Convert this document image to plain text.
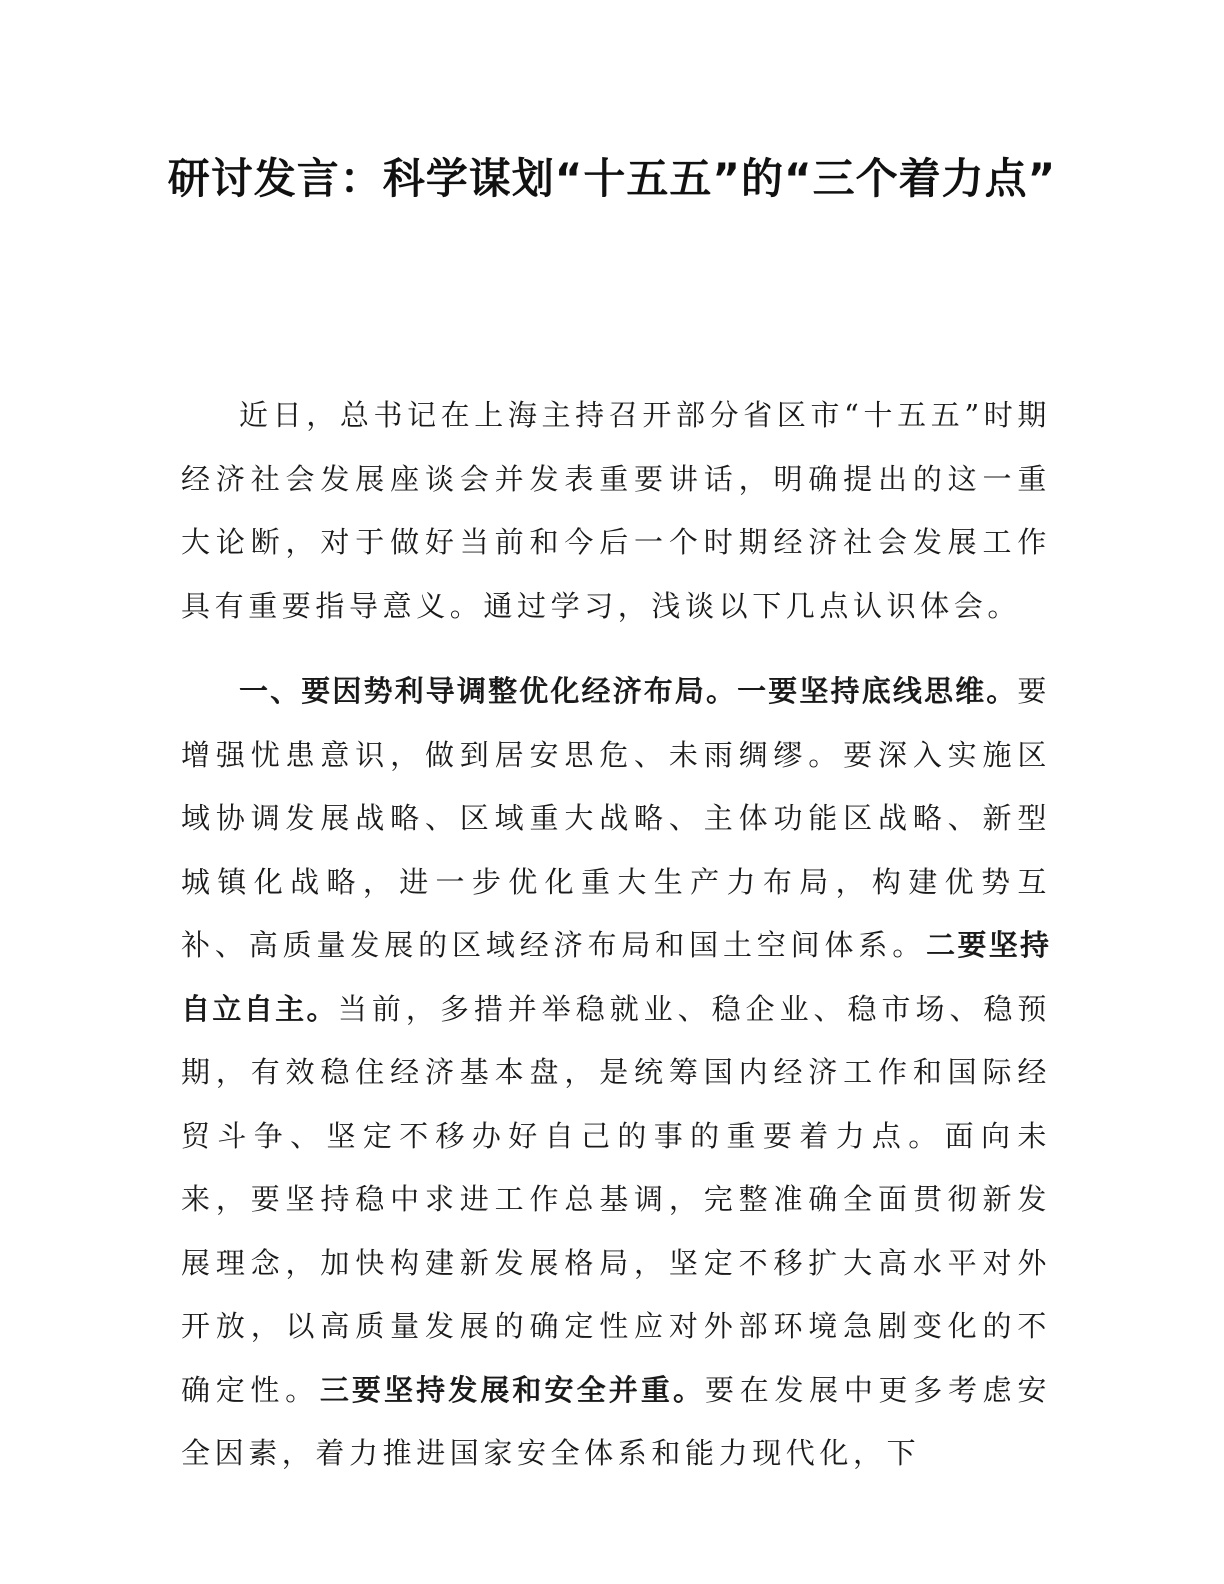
研讨发言：科学谋划“十五五”的“三个着力点”

近日，总书记在上海主持召开部分省区市“十五五”时期经济社会发展座谈会并发表重要讲话，明确提出的这一重大论断，对于做好当前和今后一个时期经济社会发展工作具有重要指导意义。通过学习，浅谈以下几点认识体会。

一、要因势利导调整优化经济布局。一要坚持底线思维。要增强忧患意识，做到居安思危、未雨绸缪。要深入实施区域协调发展战略、区域重大战略、主体功能区战略、新型城镇化战略，进一步优化重大生产力布局，构建优势互补、高质量发展的区域经济布局和国土空间体系。二要坚持自立自主。当前，多措并举稳就业、稳企业、稳市场、稳预期，有效稳住经济基本盘，是统筹国内经济工作和国际经贸斗争、坚定不移办好自己的事的重要着力点。面向未来，要坚持稳中求进工作总基调，完整准确全面贯彻新发展理念，加快构建新发展格局，坚定不移扩大高水平对外开放，以高质量发展的确定性应对外部环境急剧变化的不确定性。三要坚持发展和安全并重。要在发展中更多考虑安全因素，着力推进国家安全体系和能力现代化，下
